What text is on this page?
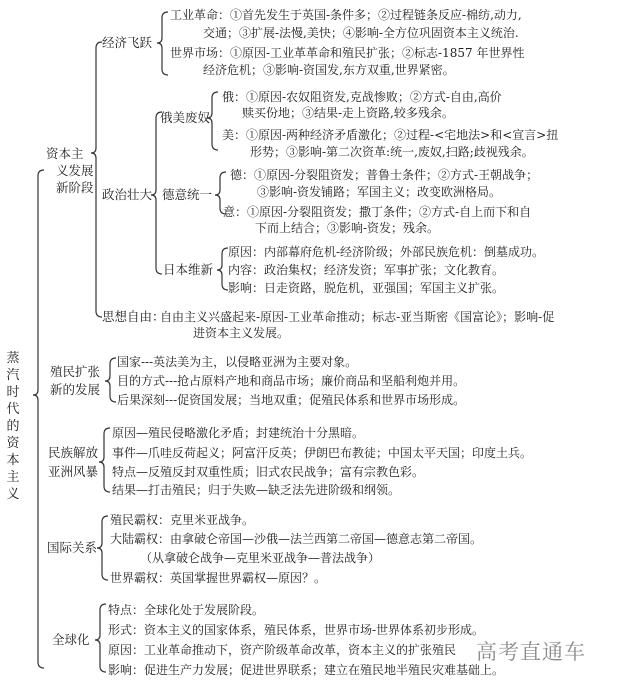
蒸汽时代的资本主义
资本主
义发展
新阶段
经济飞跃
工业革命：①首先发生于英国-条件多；②过程链条反应-棉纺,动力,
交通；③扩展-法慢,美快；④影响-全方位巩固资本主义统治.
世界市场：①原因-工业革革命和殖民扩张；②标志-1857 年世界性
经济危机；③影响-资国发,东方双重,世界紧密。
政治壮大
俄美废奴
俄：①原因-农奴阻资发,克战惨败；②方式-自由,高价
赎买份地；③结果-走上资路,较多残余。
美：①原因-两种经济矛盾激化；②过程-<宅地法>和<宣言>扭
形势；③影响-第二次资革:统一,废奴,扫路;歧视残余。
德意统一
德：①原因-分裂阻资发；普鲁士条件；②方式-王朝战争；
③影响-资发铺路；军国主义；改变欧洲格局。
意：①原因-分裂阻资发；撒丁条件；②方式-自上而下和自
下而上结合；③影响-资发；残余。
日本维新
原因：内部幕府危机-经济阶级；外部民族危机：倒墓成功。
内容：政治集权；经济发资；军事扩张；文化教育。
影响：日走资路，脱危机，亚强国；军国主义扩张。
思想自由：
自由主义兴盛起来-原因-工业革命推动；标志-亚当斯密《国富论》；影响-促
进资本主义发展。
殖民扩张
新的发展
国家---英法美为主，以侵略亚洲为主要对象。
目的方式---抢占原料产地和商品市场；廉价商品和坚船利炮并用。
后果深刻---促资国发展；当地双重；促殖民体系和世界市场形成。
民族解放
亚洲风暴
原因—殖民侵略激化矛盾；封建统治十分黑暗。
事件—爪哇反荷起义；阿富汗反英；伊朗巴布教徒；中国太平天国；印度土兵。
特点—反殖反封双重性质；旧式农民战争；富有宗教色彩。
结果—打击殖民；归于失败—缺乏法先进阶级和纲领。
国际关系
殖民霸权：克里米亚战争。
大陆霸权：由拿破仑帝国—沙俄—法兰西第二帝国—德意志第二帝国。
（从拿破仑战争—克里米亚战争—普法战争）
世界霸权：英国掌握世界霸权—原因？。
全球化
特点：全球化处于发展阶段。
形式：资本主义的国家体系，殖民体系，世界市场-世界体系初步形成。
原因：工业革命推动下，资产阶级革命改革，资本主义的扩张殖民
影响：促进生产力发展；促进世界联系；建立在殖民地半殖民灾难基础上。
高考直通车
